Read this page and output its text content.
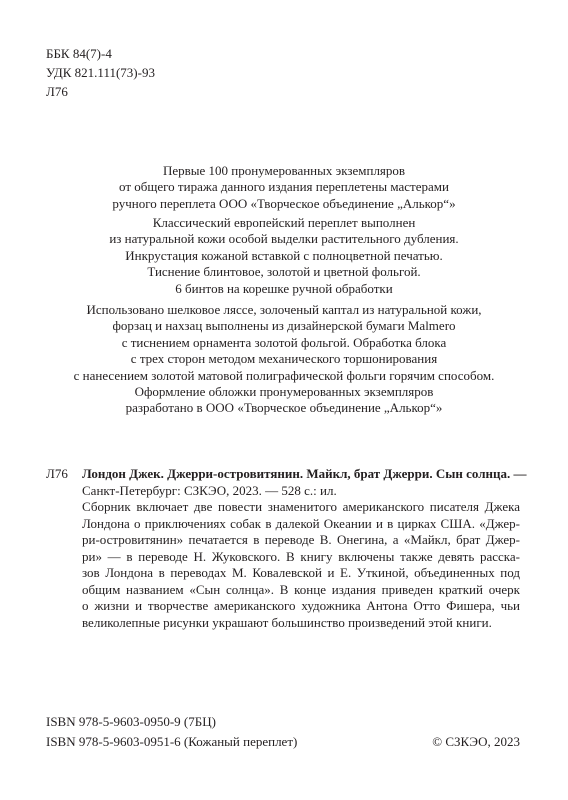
ББК 84(7)-4
УДК 821.111(73)-93
Л76
Первые 100 пронумерованных экземпляров
от общего тиража данного издания переплетены мастерами
ручного переплета ООО «Творческое объединение „Алькор“»
Классический европейский переплет выполнен
из натуральной кожи особой выделки растительного дубления.
Инкрустация кожаной вставкой с полноцветной печатью.
Тиснение блинтовое, золотой и цветной фольгой.
6 бинтов на корешке ручной обработки
Использовано шелковое ляссе, золоченый каптал из натуральной кожи,
форзац и нахзац выполнены из дизайнерской бумаги Malmero
с тиснением орнамента золотой фольгой. Обработка блока
с трех сторон методом механического торшонирования
с нанесением золотой матовой полиграфической фольги горячим способом.
Оформление обложки пронумерованных экземпляров
разработано в ООО «Творческое объединение „Алькор“»
Л76 Лондон Джек. Джерри-островитянин. Майкл, брат Джерри. Сын солнца. —
Санкт-Петербург: СЗКЭО, 2023. — 528 с.: ил.
Сборник включает две повести знаменитого американского писателя Джека
Лондона о приключениях собак в далекой Океании и в цирках США. «Джер-
ри-островитянин» печатается в переводе В. Онегина, а «Майкл, брат Джер-
ри» — в переводе Н. Жуковского. В книгу включены также девять расска-
зов Лондона в переводах М. Ковалевской и Е. Уткиной, объединенных под
общим названием «Сын солнца». В конце издания приведен краткий очерк
о жизни и творчестве американского художника Антона Отто Фишера, чьи
великолепные рисунки украшают большинство произведений этой книги.
ISBN 978-5-9603-0950-9 (7БЦ)
ISBN 978-5-9603-0951-6 (Кожаный переплет)	© СЗКЭО, 2023
